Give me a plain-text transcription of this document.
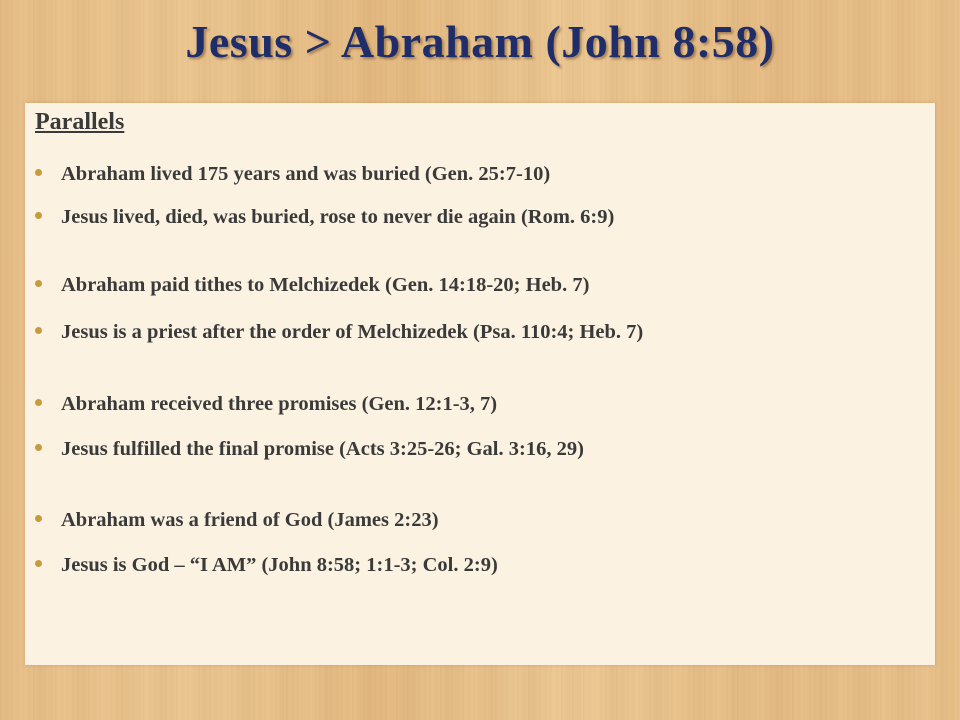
Jesus > Abraham (John 8:58)
Parallels
Abraham lived 175 years and was buried (Gen. 25:7-10)
Jesus lived, died, was buried, rose to never die again (Rom. 6:9)
Abraham paid tithes to Melchizedek (Gen. 14:18-20; Heb. 7)
Jesus is a priest after the order of Melchizedek (Psa. 110:4; Heb. 7)
Abraham received three promises (Gen. 12:1-3, 7)
Jesus fulfilled the final promise (Acts 3:25-26; Gal. 3:16, 29)
Abraham was a friend of God (James 2:23)
Jesus is God – “I AM” (John 8:58; 1:1-3; Col. 2:9)
